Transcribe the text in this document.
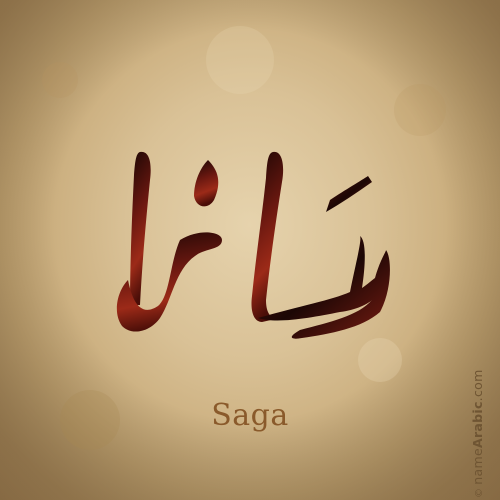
Saga
©nameArabic.com
